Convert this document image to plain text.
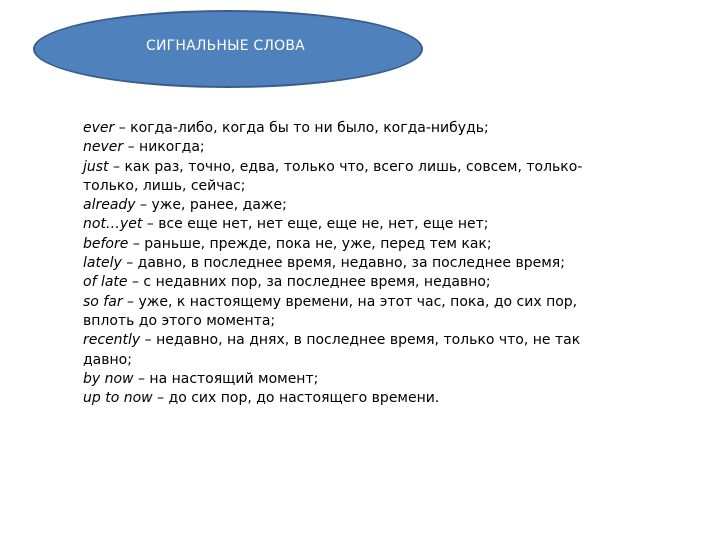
СИГНАЛЬНЫЕ СЛОВА
ever – когда-либо, когда бы то ни было, когда-нибудь;
never – никогда;
just – как раз, точно, едва, только что, всего лишь, совсем, только-только, лишь, сейчас;
already – уже, ранее, даже;
not…yet – все еще нет, нет еще, еще не, нет, еще нет;
before – раньше, прежде, пока не, уже, перед тем как;
lately – давно, в последнее время, недавно, за последнее время;
of late – с недавних пор, за последнее время, недавно;
so far – уже, к настоящему времени, на этот час, пока, до сих пор, вплоть до этого момента;
recently – недавно, на днях, в последнее время, только что, не так давно;
by now – на настоящий момент;
up to now – до сих пор, до настоящего времени.
